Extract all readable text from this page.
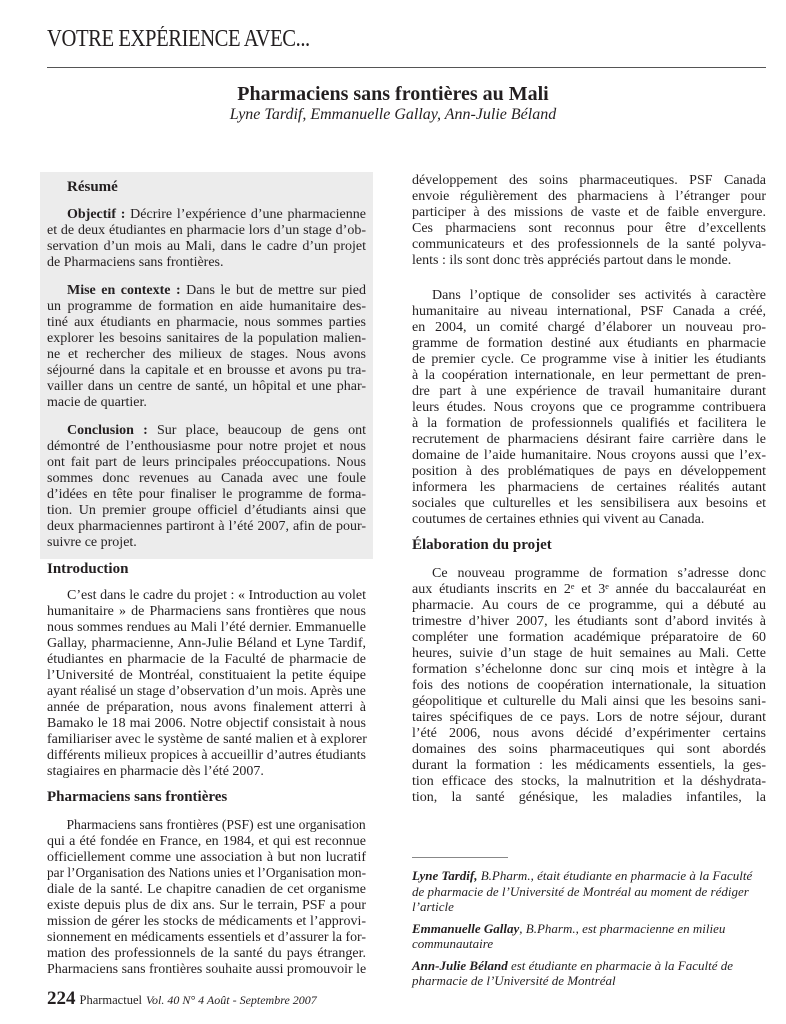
VOTRE EXPÉRIENCE AVEC...
Pharmaciens sans frontières au Mali
Lyne Tardif, Emmanuelle Gallay, Ann-Julie Béland
Résumé
Objectif : Décrire l’expérience d’une pharmacienne
et de deux étudiantes en pharmacie lors d’un stage d’ob-
servation d’un mois au Mali, dans le cadre d’un projet
de Pharmaciens sans frontières.
Mise en contexte : Dans le but de mettre sur pied
un programme de formation en aide humanitaire des-
tiné aux étudiants en pharmacie, nous sommes parties
explorer les besoins sanitaires de la population malien-
ne et rechercher des milieux de stages. Nous avons
séjourné dans la capitale et en brousse et avons pu tra-
vailler dans un centre de santé, un hôpital et une phar-
macie de quartier.
Conclusion : Sur place, beaucoup de gens ont
démontré de l’enthousiasme pour notre projet et nous
ont fait part de leurs principales préoccupations. Nous
sommes donc revenues au Canada avec une foule
d’idées en tête pour finaliser le programme de forma-
tion. Un premier groupe officiel d’étudiants ainsi que
deux pharmaciennes partiront à l’été 2007, afin de pour-
suivre ce projet.
Introduction
C’est dans le cadre du projet : « Introduction au volet
humanitaire » de Pharmaciens sans frontières que nous
nous sommes rendues au Mali l’été dernier. Emmanuelle
Gallay, pharmacienne, Ann-Julie Béland et Lyne Tardif,
étudiantes en pharmacie de la Faculté de pharmacie de
l’Université de Montréal, constituaient la petite équipe
ayant réalisé un stage d’observation d’un mois. Après une
année de préparation, nous avons finalement atterri à
Bamako le 18 mai 2006. Notre objectif consistait à nous
familiariser avec le système de santé malien et à explorer
différents milieux propices à accueillir d’autres étudiants
stagiaires en pharmacie dès l’été 2007.
Pharmaciens sans frontières
Pharmaciens sans frontières (PSF) est une organisation
qui a été fondée en France, en 1984, et qui est reconnue
officiellement comme une association à but non lucratif
par l’Organisation des Nations unies et l’Organisation mon-
diale de la santé. Le chapitre canadien de cet organisme
existe depuis plus de dix ans. Sur le terrain, PSF a pour
mission de gérer les stocks de médicaments et l’approvi-
sionnement en médicaments essentiels et d’assurer la for-
mation des professionnels de la santé du pays étranger.
Pharmaciens sans frontières souhaite aussi promouvoir le
développement des soins pharmaceutiques. PSF Canada
envoie régulièrement des pharmaciens à l’étranger pour
participer à des missions de vaste et de faible envergure.
Ces pharmaciens sont reconnus pour être d’excellents
communicateurs et des professionnels de la santé polyva-
lents : ils sont donc très appréciés partout dans le monde.
Dans l’optique de consolider ses activités à caractère
humanitaire au niveau international, PSF Canada a créé,
en 2004, un comité chargé d’élaborer un nouveau pro-
gramme de formation destiné aux étudiants en pharmacie
de premier cycle. Ce programme vise à initier les étudiants
à la coopération internationale, en leur permettant de pren-
dre part à une expérience de travail humanitaire durant
leurs études. Nous croyons que ce programme contribuera
à la formation de professionnels qualifiés et facilitera le
recrutement de pharmaciens désirant faire carrière dans le
domaine de l’aide humanitaire. Nous croyons aussi que l’ex-
position à des problématiques de pays en développement
informera les pharmaciens de certaines réalités autant
sociales que culturelles et les sensibilisera aux besoins et
coutumes de certaines ethnies qui vivent au Canada.
Élaboration du projet
Ce nouveau programme de formation s’adresse donc
aux étudiants inscrits en 2ᵉ et 3ᵉ année du baccalauréat en
pharmacie. Au cours de ce programme, qui a débuté au
trimestre d’hiver 2007, les étudiants sont d’abord invités à
compléter une formation académique préparatoire de 60
heures, suivie d’un stage de huit semaines au Mali. Cette
formation s’échelonne donc sur cinq mois et intègre à la
fois des notions de coopération internationale, la situation
géopolitique et culturelle du Mali ainsi que les besoins sani-
taires spécifiques de ce pays. Lors de notre séjour, durant
l’été 2006, nous avons décidé d’expérimenter certains
domaines des soins pharmaceutiques qui sont abordés
durant la formation : les médicaments essentiels, la ges-
tion efficace des stocks, la malnutrition et la déshydrata-
tion, la santé génésique, les maladies infantiles, la
Lyne Tardif, B.Pharm., était étudiante en pharmacie à la Faculté de pharmacie de l’Université de Montréal au moment de rédiger l’article
Emmanuelle Gallay, B.Pharm., est pharmacienne en milieu communautaire
Ann-Julie Béland est étudiante en pharmacie à la Faculté de pharmacie de l’Université de Montréal
224 Pharmactuel Vol. 40 N° 4 Août - Septembre 2007
